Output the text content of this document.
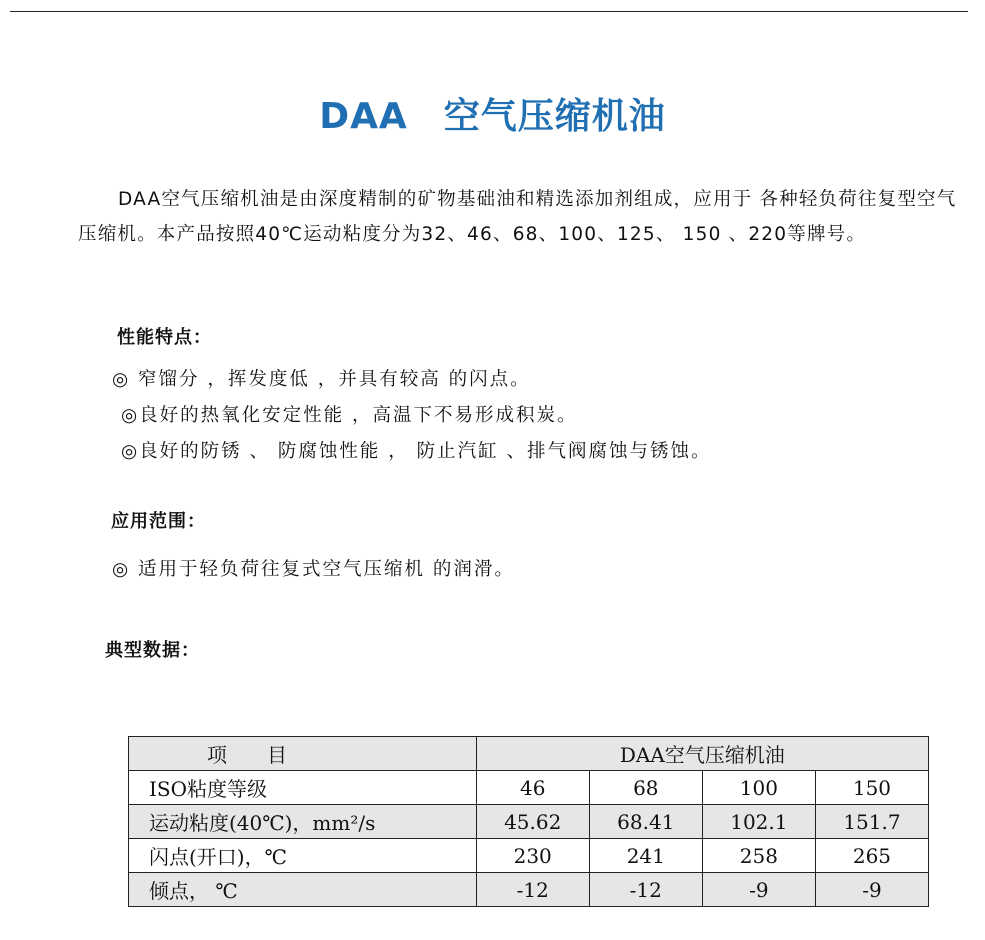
DAA 空气压缩机油
DAA空气压缩机油是由深度精制的矿物基础油和精选添加剂组成，应用于 各种轻负荷往复型空气压缩机。本产品按照40℃运动粘度分为32、46、68、100、125、 150 、220等牌号。
性能特点：
◎ 窄馏分 ，挥发度低 ，并具有较高 的闪点。
◎良好的热氧化安定性能 ，高温下不易形成积炭。
◎良好的防锈 、 防腐蚀性能 ， 防止汽缸 、排气阀腐蚀与锈蚀。
应用范围：
◎ 适用于轻负荷往复式空气压缩机 的润滑。
典型数据：
项　　目	DAA空气压缩机油			
ISO粘度等级	46	68	100	150
运动粘度(40℃)，mm²/s	45.62	68.41	102.1	151.7
闪点(开口)，℃	230	241	258	265
倾点， ℃	-12	-12	-9	-9
